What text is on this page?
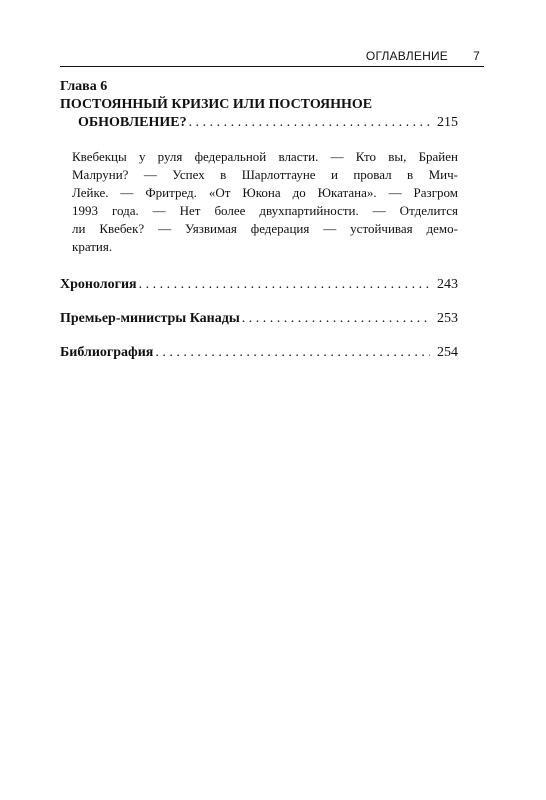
ОГЛАВЛЕНИЕ 7
Глава 6
ПОСТОЯННЫЙ КРИЗИС ИЛИ ПОСТОЯННОЕ
ОБНОВЛЕНИЕ? . . .	215
Квебекцы у руля федеральной власти. — Кто вы, Брайен
Малруни? — Успех в Шарлоттауне и провал в Мич-
Лейке. — Фритред. «От Юкона до Юкатана». — Разгром
1993 года. — Нет более двухпартийности. — Отделится
ли Квебек? — Уязвимая федерация — устойчивая демо-
кратия.
Хронология . . .	243
Премьер-министры Канады . . .	253
Библиография . . .	254
